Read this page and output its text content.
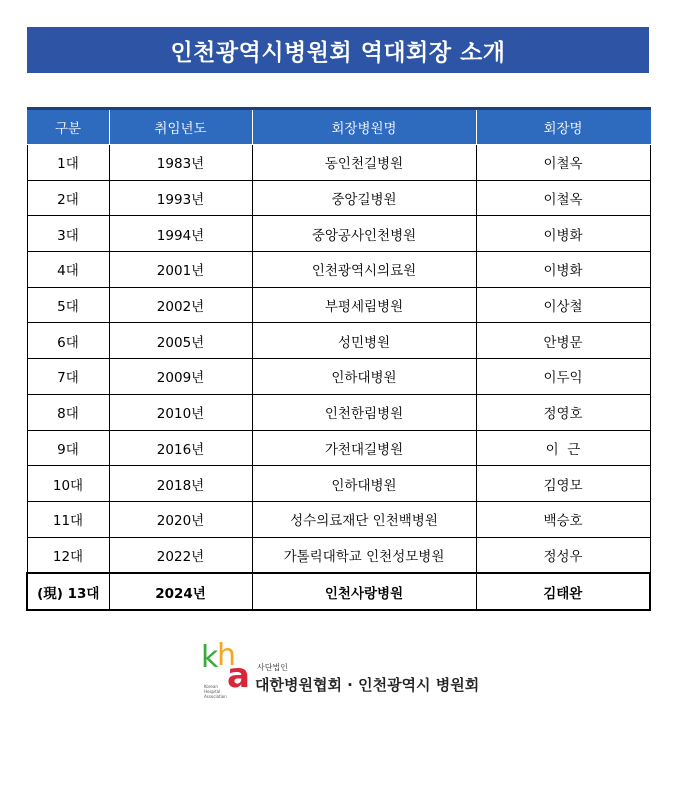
인천광역시병원회 역대회장 소개
구분	취임년도	회장병원명	회장명
1대	1983년	동인천길병원	이철옥
2대	1993년	중앙길병원	이철옥
3대	1994년	중앙공사인천병원	이병화
4대	2001년	인천광역시의료원	이병화
5대	2002년	부평세림병원	이상철
6대	2005년	성민병원	안병문
7대	2009년	인하대병원	이두익
8대	2010년	인천한림병원	정영호
9대	2016년	가천대길병원	이  근
10대	2018년	인하대병원	김영모
11대	2020년	성수의료재단 인천백병원	백승호
12대	2022년	가톨릭대학교 인천성모병원	정성우
(現) 13대	2024년	인천사랑병원	김태완
k
h
a
Korean Hospital Association
사단법인
대한병원협회 · 인천광역시 병원회
